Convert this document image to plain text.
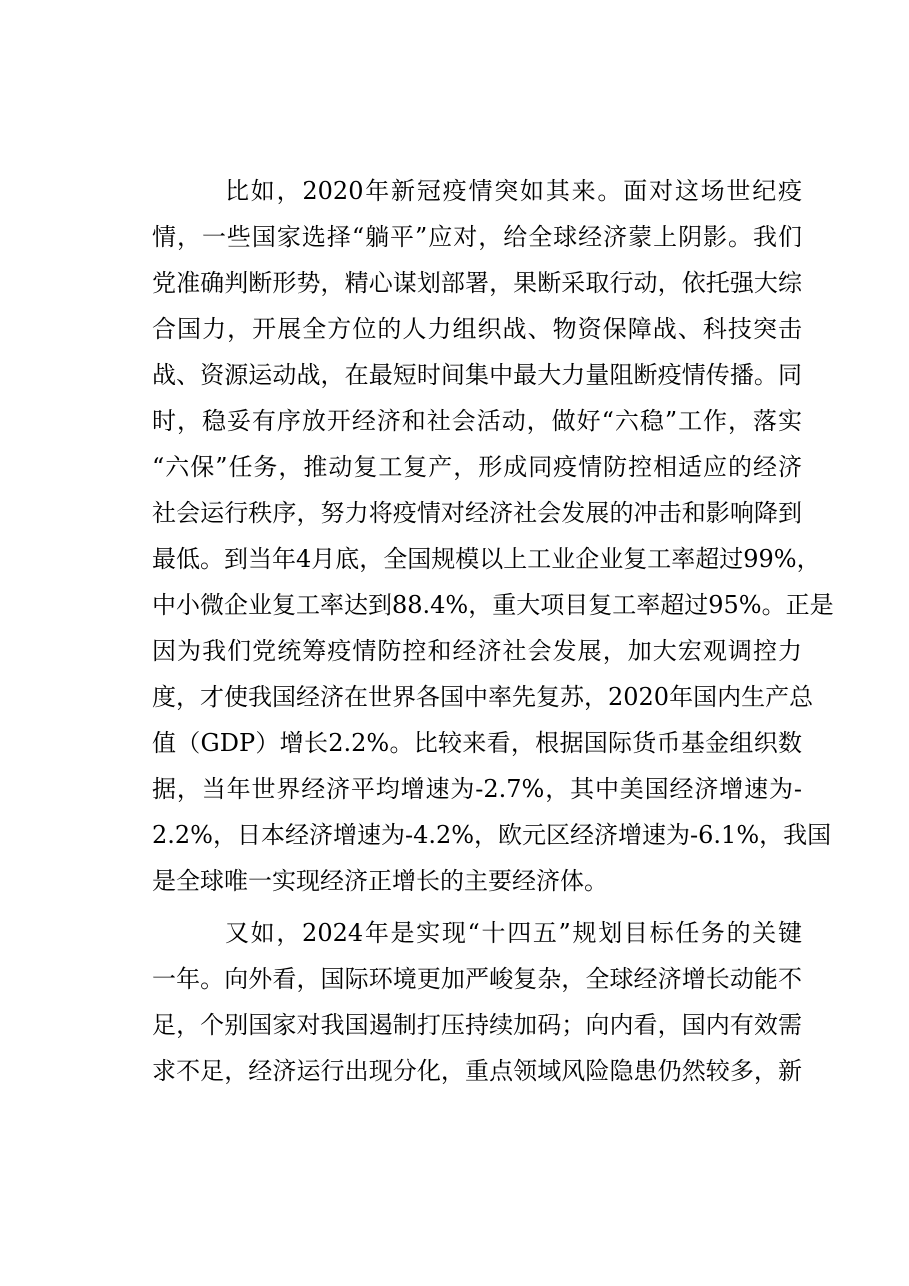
比如，2020年新冠疫情突如其来。面对这场世纪疫
情，一些国家选择“躺平”应对，给全球经济蒙上阴影。我们
党准确判断形势，精心谋划部署，果断采取行动，依托强大综
合国力，开展全方位的人力组织战、物资保障战、科技突击
战、资源运动战，在最短时间集中最大力量阻断疫情传播。同
时，稳妥有序放开经济和社会活动，做好“六稳”工作，落实
“六保”任务，推动复工复产，形成同疫情防控相适应的经济
社会运行秩序，努力将疫情对经济社会发展的冲击和影响降到
最低。到当年4月底，全国规模以上工业企业复工率超过99%，
中小微企业复工率达到88.4%，重大项目复工率超过95%。正是
因为我们党统筹疫情防控和经济社会发展，加大宏观调控力
度，才使我国经济在世界各国中率先复苏，2020年国内生产总
值（GDP）增长2.2%。比较来看，根据国际货币基金组织数
据，当年世界经济平均增速为-2.7%，其中美国经济增速为-
2.2%，日本经济增速为-4.2%，欧元区经济增速为-6.1%，我国
是全球唯一实现经济正增长的主要经济体。
又如，2024年是实现“十四五”规划目标任务的关键
一年。向外看，国际环境更加严峻复杂，全球经济增长动能不
足，个别国家对我国遏制打压持续加码；向内看，国内有效需
求不足，经济运行出现分化，重点领域风险隐患仍然较多，新
